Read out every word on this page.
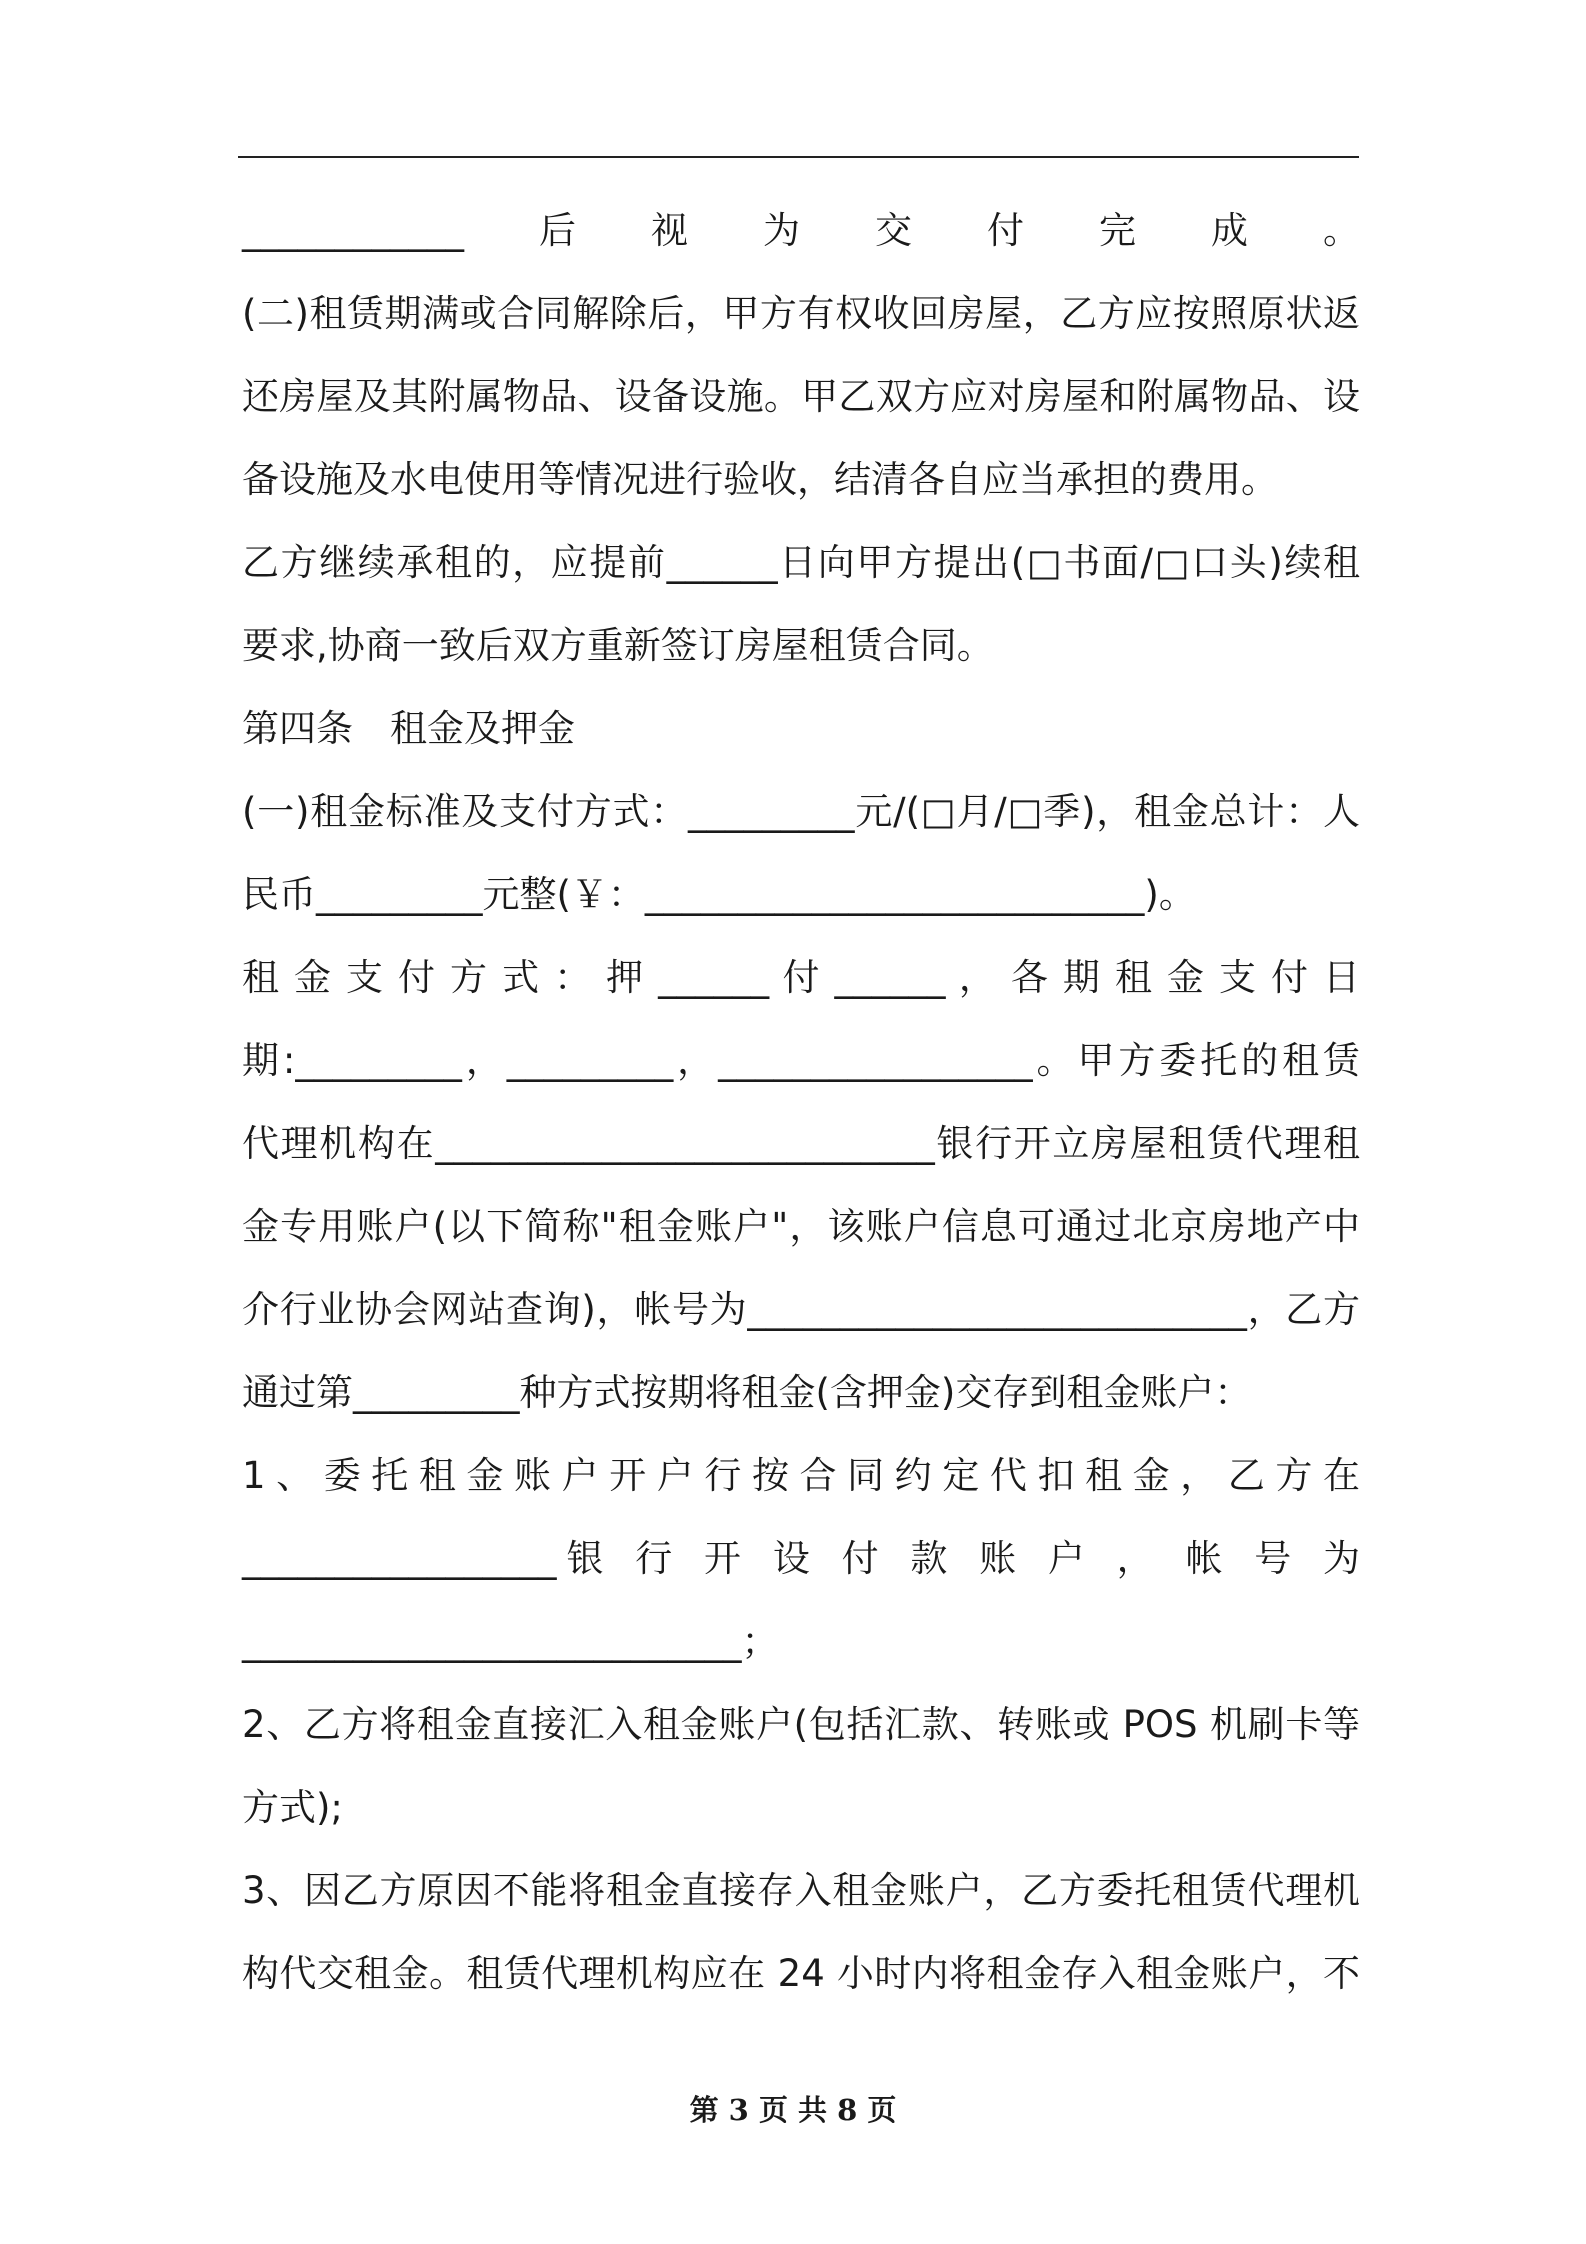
____________后视为交付完成。
(二)租赁期满或合同解除后，甲方有权收回房屋，乙方应按照原状返
还房屋及其附属物品、设备设施。甲乙双方应对房屋和附属物品、设
备设施及水电使用等情况进行验收，结清各自应当承担的费用。
乙方继续承租的，应提前______日向甲方提出(□书面/□口头)续租
要求,协商一致后双方重新签订房屋租赁合同。
第四条　租金及押金
(一)租金标准及支付方式：_________元/(□月/□季)，租金总计：人
民币_________元整(￥：___________________________)。
租 金 支 付 方 式 ： 押 ______ 付 ______ ， 各 期 租 金 支 付 日
期:_________，_________，_________________。甲方委托的租赁
代理机构在___________________________银行开立房屋租赁代理租
金专用账户(以下简称"租金账户"，该账户信息可通过北京房地产中
介行业协会网站查询)，帐号为___________________________，乙方
通过第_________种方式按期将租金(含押金)交存到租金账户：
1、委托租金账户开户行按合同约定代扣租金，乙方在
_________________银 行 开 设 付 款 账 户 ， 帐 号 为
___________________________；
2、乙方将租金直接汇入租金账户(包括汇款、转账或 POS 机刷卡等
方式);
3、因乙方原因不能将租金直接存入租金账户，乙方委托租赁代理机
构代交租金。租赁代理机构应在 24 小时内将租金存入租金账户，不
第 3 页 共 8 页
